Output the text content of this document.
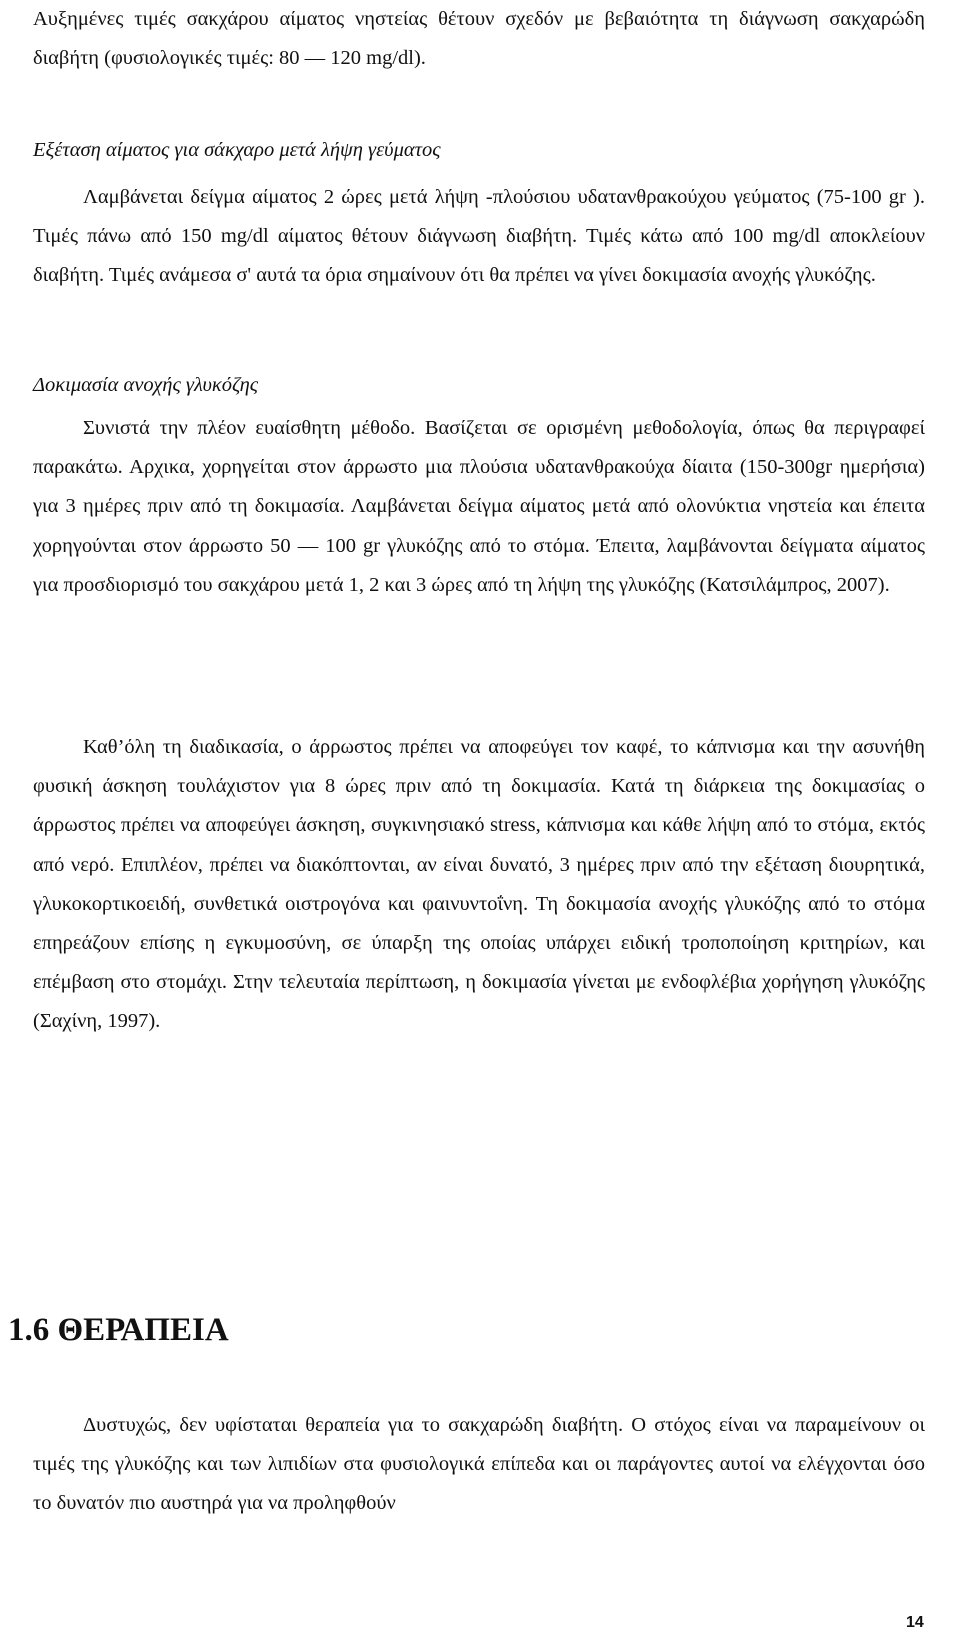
Αυξημένες τιμές σακχάρου αίματος νηστείας θέτουν σχεδόν με βεβαιότητα τη διάγνωση σακχαρώδη διαβήτη (φυσιολογικές τιμές: 80 — 120 mg/dl).

Εξέταση αίματος για σάκχαρο μετά λήψη γεύματος

Λαμβάνεται δείγμα αίματος 2 ώρες μετά λήψη -πλούσιου υδατανθρακούχου γεύματος (75-100 gr ). Τιμές πάνω από 150 mg/dl αίματος θέτουν διάγνωση διαβήτη. Τιμές κάτω από 100 mg/dl αποκλείουν διαβήτη. Τιμές ανάμεσα σ' αυτά τα όρια σημαίνουν ότι θα πρέπει να γίνει δοκιμασία ανοχής γλυκόζης.

Δοκιμασία ανοχής γλυκόζης

Συνιστά την πλέον ευαίσθητη μέθοδο. Βασίζεται σε ορισμένη μεθοδολογία, όπως θα περιγραφεί παρακάτω. Αρχικα, χορηγείται στον άρρωστο μια πλούσια υδατανθρακούχα δίαιτα (150-300gr ημερήσια) για 3 ημέρες πριν από τη δοκιμασία. Λαμβάνεται δείγμα αίματος μετά από ολονύκτια νηστεία και έπειτα χορηγούνται στον άρρωστο 50 — 100 gr γλυκόζης από το στόμα. Έπειτα, λαμβάνονται δείγματα αίματος για προσδιορισμό του σακχάρου μετά 1, 2 και 3 ώρες από τη λήψη της γλυκόζης (Κατσιλάμπρος, 2007).

Καθ’όλη τη διαδικασία, ο άρρωστος πρέπει να αποφεύγει τον καφέ, το κάπνισμα και την ασυνήθη φυσική άσκηση τουλάχιστον για 8 ώρες πριν από τη δοκιμασία. Κατά τη διάρκεια της δοκιμασίας ο άρρωστος πρέπει να αποφεύγει άσκηση, συγκινησιακό stress, κάπνισμα και κάθε λήψη από το στόμα, εκτός από νερό. Επιπλέον, πρέπει να διακόπτονται, αν είναι δυνατό, 3 ημέρες πριν από την εξέταση διουρητικά, γλυκοκορτικοειδή, συνθετικά οιστρογόνα και φαινυντοΐνη. Τη δοκιμασία ανοχής γλυκόζης από το στόμα επηρεάζουν επίσης η εγκυμοσύνη, σε ύπαρξη της οποίας υπάρχει ειδική τροποποίηση κριτηρίων, και επέμβαση στο στομάχι. Στην τελευταία περίπτωση, η δοκιμασία γίνεται με ενδοφλέβια χορήγηση γλυκόζης (Σαχίνη, 1997).

1.6 ΘΕΡΑΠΕΙΑ

Δυστυχώς, δεν υφίσταται θεραπεία για το σακχαρώδη διαβήτη. Ο στόχος είναι να παραμείνουν οι τιμές της γλυκόζης και των λιπιδίων στα φυσιολογικά επίπεδα και οι παράγοντες αυτοί να ελέγχονται όσο το δυνατόν πιο αυστηρά για να προληφθούν

14
